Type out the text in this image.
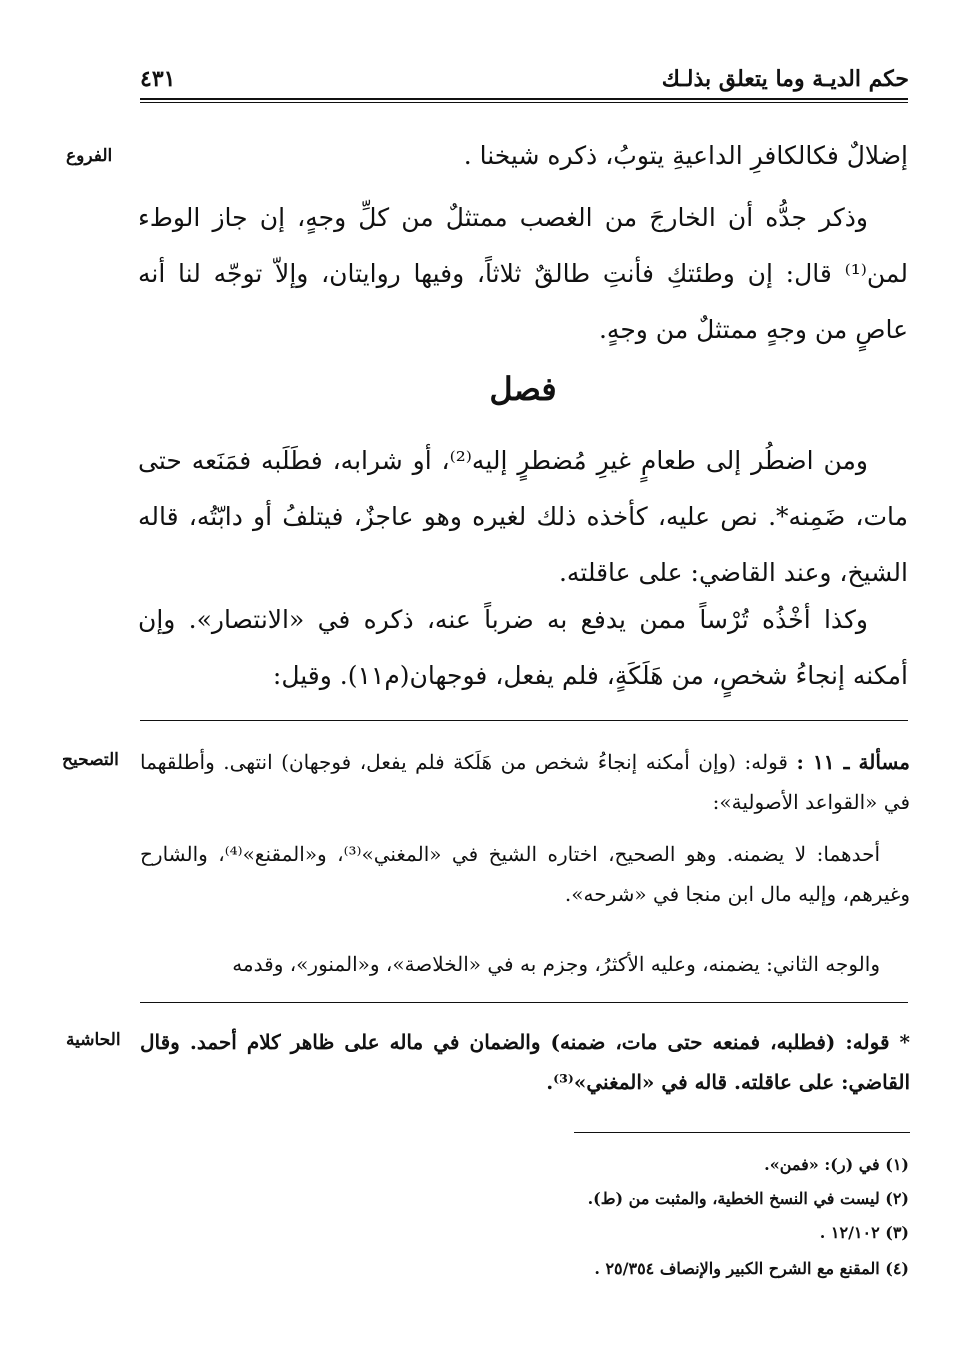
حكم الديـة وما يتعلق بذلـك
٤٣١
الفروع
التصحيح
الحاشية
إضلالٌ فكالكافرِ الداعيةِ يتوبُ، ذكره شيخنا .
وذكر جدُّه أن الخارجَ من الغصب ممتثلٌ من كلِّ وجهٍ، إن جاز الوطء لمن⁽¹⁾ قال: إن وطئتكِ فأنتِ طالقٌ ثلاثاً، وفيها روايتان، وإلاّ توجّه لنا أنه عاصٍ من وجهٍ ممتثلٌ من وجهٍ.
فصل
ومن اضطُر إلى طعامٍ غيرِ مُضطرٍ إليه⁽²⁾، أو شرابه، فطَلَبه فمَنَعه حتى مات، ضَمِنه*. نص عليه، كأخذه ذلك لغيره وهو عاجزٌ، فيتلفُ أو دابّتُه، قاله الشيخ، وعند القاضي: على عاقلته.
وكذا أخْذُه تُرْساً ممن يدفع به ضرباً عنه، ذكره في «الانتصار». وإن أمكنه إنجاءُ شخصٍ، من هَلَكَةٍ، فلم يفعل، فوجهان(م١١). وقيل:
مسألة ـ ١١ : قوله: (وإن أمكنه إنجاءُ شخص من هَلَكة فلم يفعل، فوجهان) انتهى. وأطلقهما في «القواعد الأصولية»:
أحدهما: لا يضمنه. وهو الصحيح، اختاره الشيخ في «المغني»⁽³⁾، و«المقنع»⁽⁴⁾، والشارح وغيرهم، وإليه مال ابن منجا في «شرحه».
والوجه الثاني: يضمنه، وعليه الأكثرُ، وجزم به في «الخلاصة»، و«المنور»، وقدمه
* قوله: (فطلبه، فمنعه حتى مات، ضمنه) والضمان في ماله على ظاهر كلام أحمد. وقال القاضي: على عاقلته. قاله في «المغني»⁽³⁾.
(١) في (ر): «فمن».
(٢) ليست في النسخ الخطية، والمثبت من (ط).
(٣) ١٢/١٠٢ .
(٤) المقنع مع الشرح الكبير والإنصاف ٢٥/٣٥٤ .
